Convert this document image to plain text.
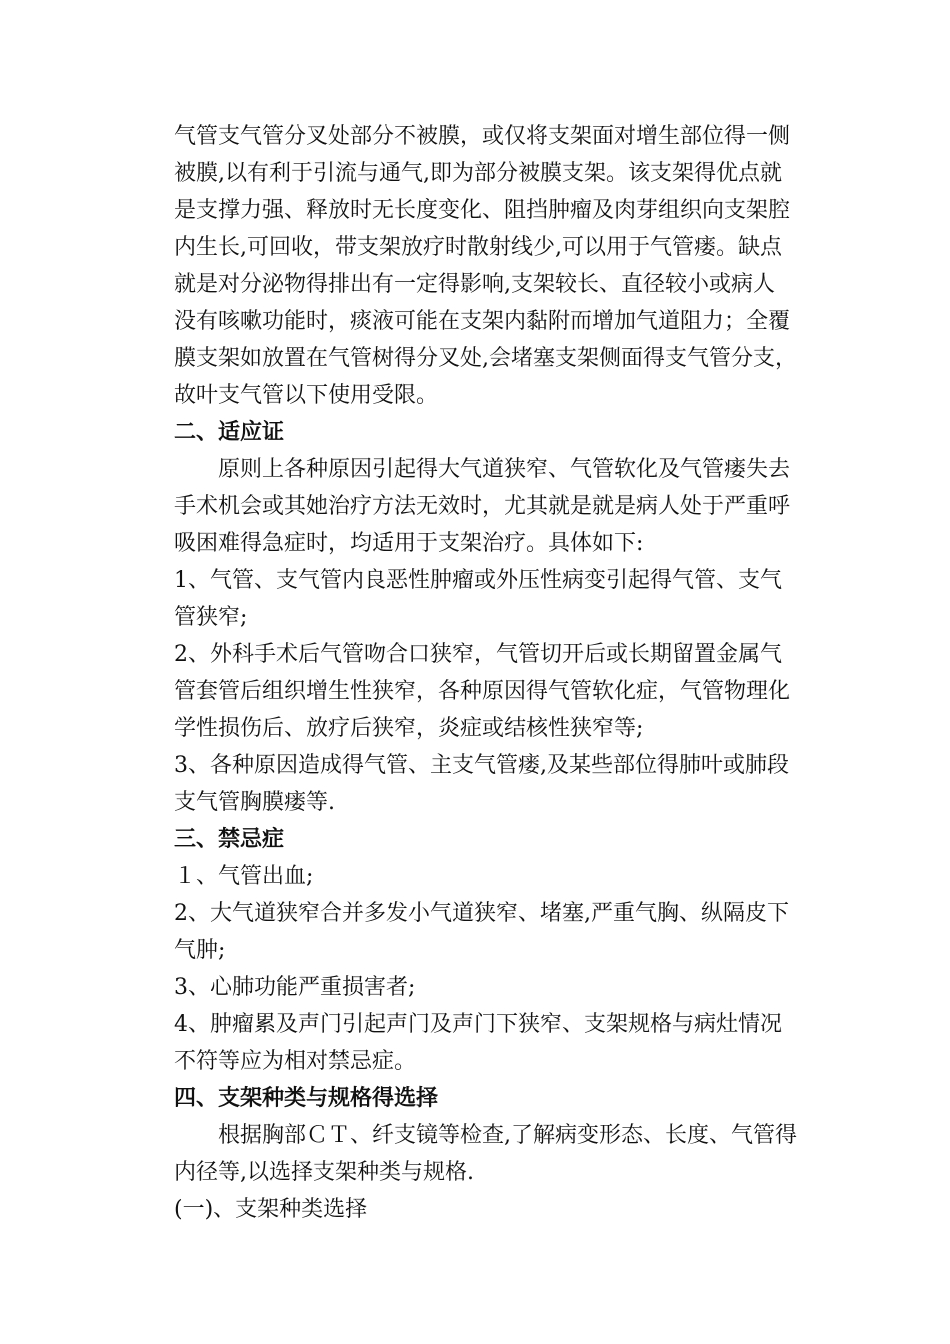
气管支气管分叉处部分不被膜，或仅将支架面对增生部位得一侧
被膜,以有利于引流与通气,即为部分被膜支架。该支架得优点就
是支撑力强、释放时无长度变化、阻挡肿瘤及肉芽组织向支架腔
内生长,可回收，带支架放疗时散射线少,可以用于气管瘘。缺点
就是对分泌物得排出有一定得影响,支架较长、直径较小或病人
没有咳嗽功能时，痰液可能在支架内黏附而增加气道阻力；全覆
膜支架如放置在气管树得分叉处,会堵塞支架侧面得支气管分支，
故叶支气管以下使用受限。
二、适应证
原则上各种原因引起得大气道狭窄、气管软化及气管瘘失去
手术机会或其她治疗方法无效时，尤其就是就是病人处于严重呼
吸困难得急症时，均适用于支架治疗。具体如下:
1、气管、支气管内良恶性肿瘤或外压性病变引起得气管、支气
管狭窄;
2、外科手术后气管吻合口狭窄，气管切开后或长期留置金属气
管套管后组织增生性狭窄，各种原因得气管软化症，气管物理化
学性损伤后、放疗后狭窄，炎症或结核性狭窄等;
3、各种原因造成得气管、主支气管瘘,及某些部位得肺叶或肺段
支气管胸膜瘘等.
三、禁忌症
１、气管出血;
2、大气道狭窄合并多发小气道狭窄、堵塞,严重气胸、纵隔皮下
气肿;
3、心肺功能严重损害者;
4、肿瘤累及声门引起声门及声门下狭窄、支架规格与病灶情况
不符等应为相对禁忌症。
四、支架种类与规格得选择
根据胸部ＣＴ、纤支镜等检查,了解病变形态、长度、气管得
内径等,以选择支架种类与规格.
(一)、支架种类选择
